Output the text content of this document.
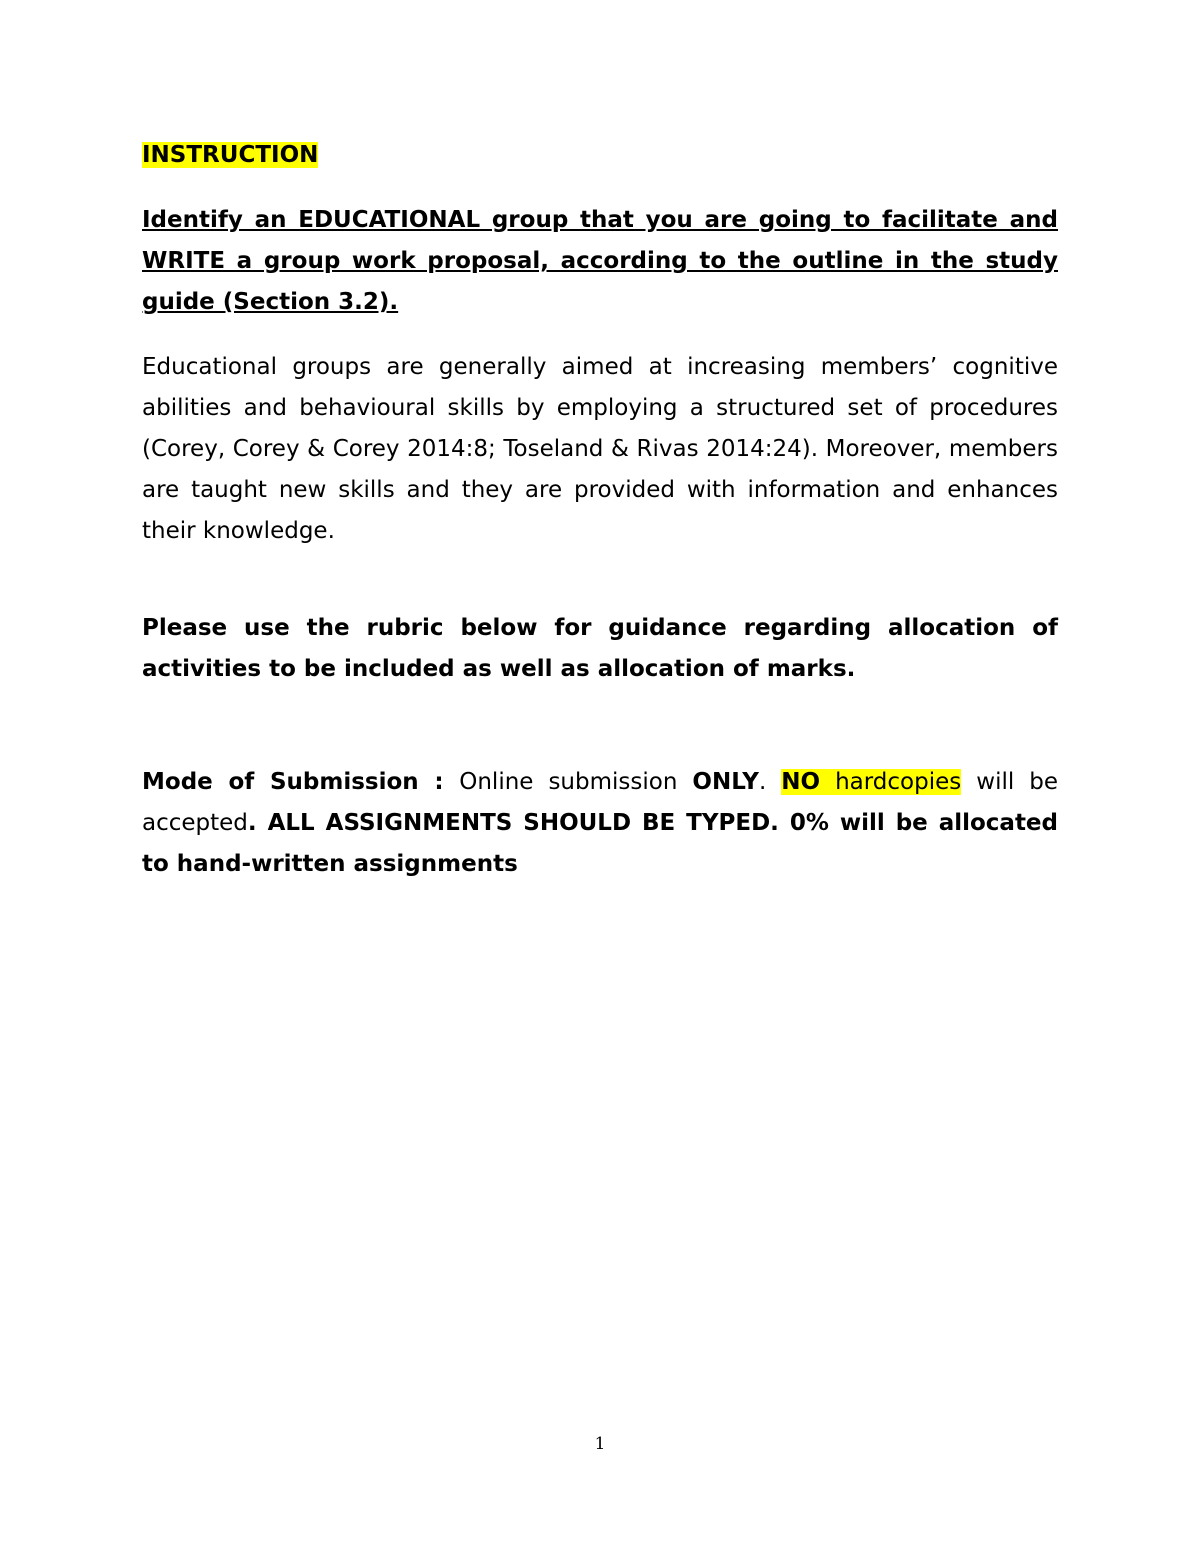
INSTRUCTION

Identify an EDUCATIONAL group that you are going to facilitate and WRITE a group work proposal, according to the outline in the study guide (Section 3.2).

Educational groups are generally aimed at increasing members’ cognitive abilities and behavioural skills by employing a structured set of procedures (Corey, Corey & Corey 2014:8; Toseland & Rivas 2014:24). Moreover, members are taught new skills and they are provided with information and enhances their knowledge.

Please use the rubric below for guidance regarding allocation of activities to be included as well as allocation of marks.

Mode of Submission : Online submission ONLY. NO hardcopies will be accepted. ALL ASSIGNMENTS SHOULD BE TYPED. 0% will be allocated to hand-written assignments

1
